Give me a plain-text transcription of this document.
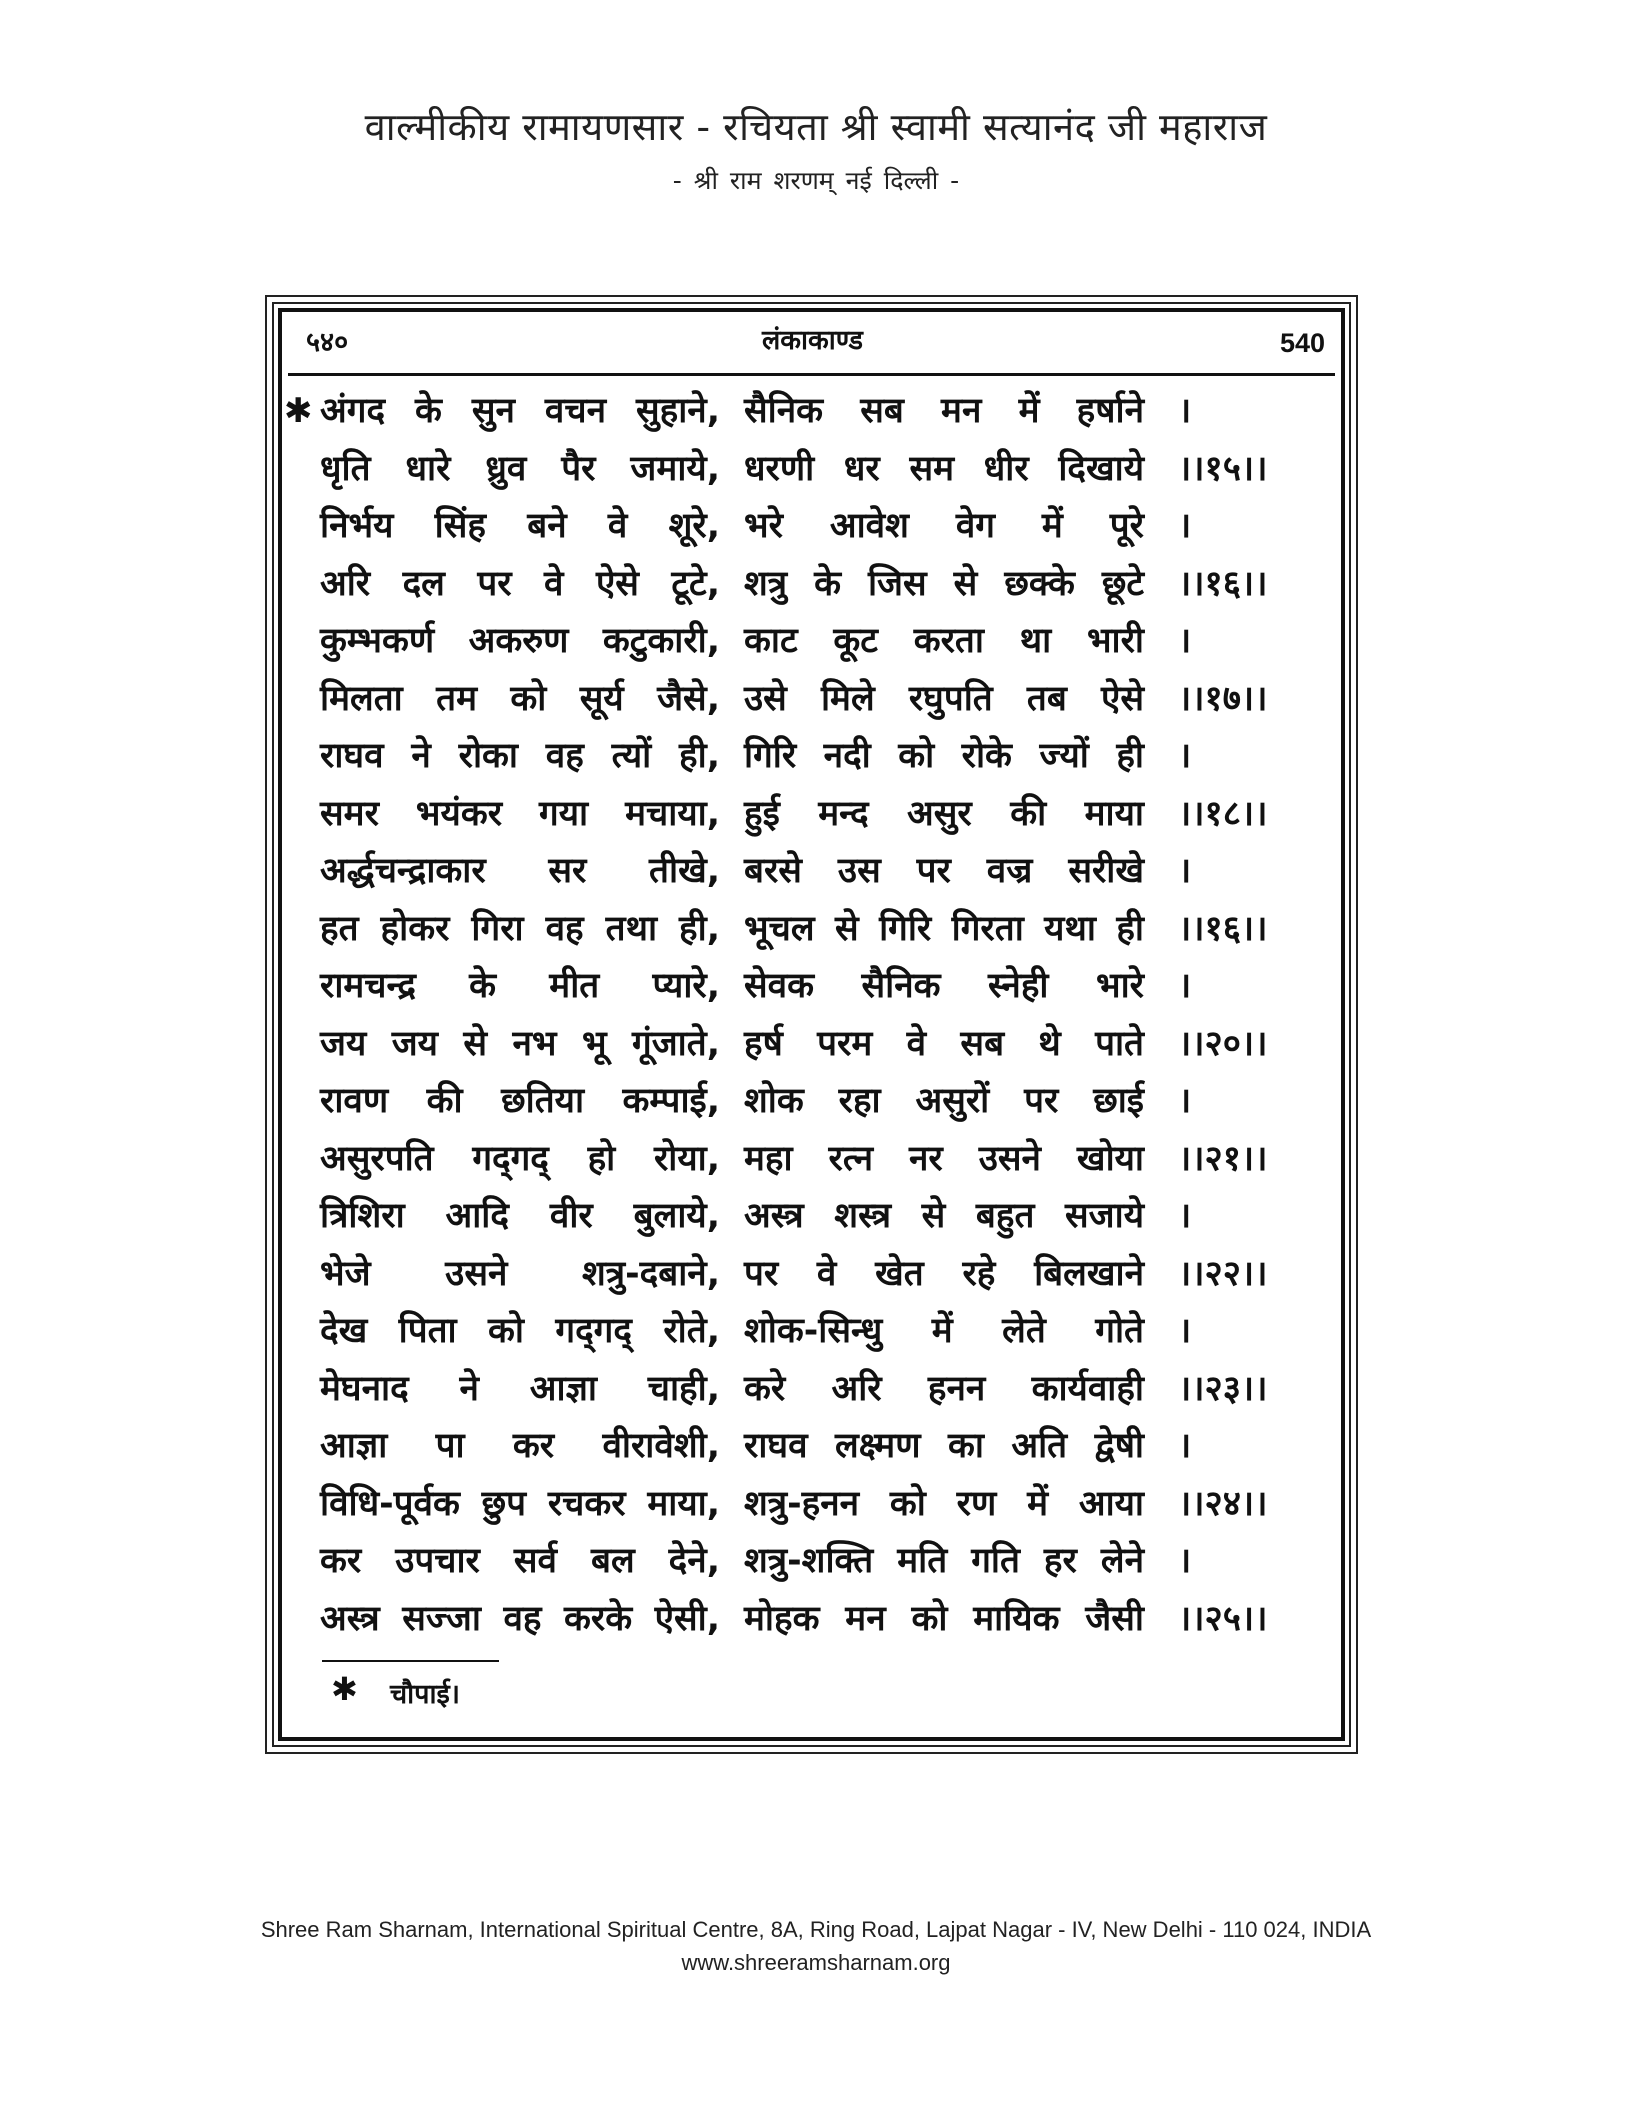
वाल्मीकीय रामायणसार - रचियता श्री स्वामी सत्यानंद जी महाराज
- श्री राम शरणम् नई दिल्ली -
५४०	लंकाकाण्ड	540
✱ अंगद के सुन वचन सुहाने, सैनिक सब मन में हर्षाने ।
धृति धारे ध्रुव पैर जमाये, धरणी धर सम धीर दिखाये ।।१५।।
निर्भय सिंह बने वे शूरे, भरे आवेश वेग में पूरे ।
अरि दल पर वे ऐसे टूटे, शत्रु के जिस से छक्के छूटे ।।१६।।
कुम्भकर्ण अकरुण कटुकारी, काट कूट करता था भारी ।
मिलता तम को सूर्य जैसे, उसे मिले रघुपति तब ऐसे ।।१७।।
राघव ने रोका वह त्यों ही, गिरि नदी को रोके ज्यों ही ।
समर भयंकर गया मचाया, हुई मन्द असुर की माया ।।१८।।
अर्द्धचन्द्राकार सर तीखे, बरसे उस पर वज्र सरीखे ।
हत होकर गिरा वह तथा ही, भूचल से गिरि गिरता यथा ही ।।१६।।
रामचन्द्र के मीत प्यारे, सेवक सैनिक स्नेही भारे ।
जय जय से नभ भू गूंजाते, हर्ष परम वे सब थे पाते ।।२०।।
रावण की छतिया कम्पाई, शोक रहा असुरों पर छाई ।
असुरपति गद्‌गद् हो रोया, महा रत्न नर उसने खोया ।।२१।।
त्रिशिरा आदि वीर बुलाये, अस्त्र शस्त्र से बहुत सजाये ।
भेजे उसने शत्रु-दबाने, पर वे खेत रहे बिलखाने ।।२२।।
देख पिता को गद्‌गद् रोते, शोक-सिन्धु में लेते गोते ।
मेघनाद ने आज्ञा चाही, करे अरि हनन कार्यवाही ।।२३।।
आज्ञा पा कर वीरावेशी, राघव लक्ष्मण का अति द्वेषी ।
विधि-पूर्वक छुप रचकर माया, शत्रु-हनन को रण में आया ।।२४।।
कर उपचार सर्व बल देने, शत्रु-शक्ति मति गति हर लेने ।
अस्त्र सज्जा वह करके ऐसी, मोहक मन को मायिक जैसी ।।२५।।
✱ चौपाई।
Shree Ram Sharnam, International Spiritual Centre, 8A, Ring Road, Lajpat Nagar - IV, New Delhi - 110 024, INDIA
www.shreeramsharnam.org
